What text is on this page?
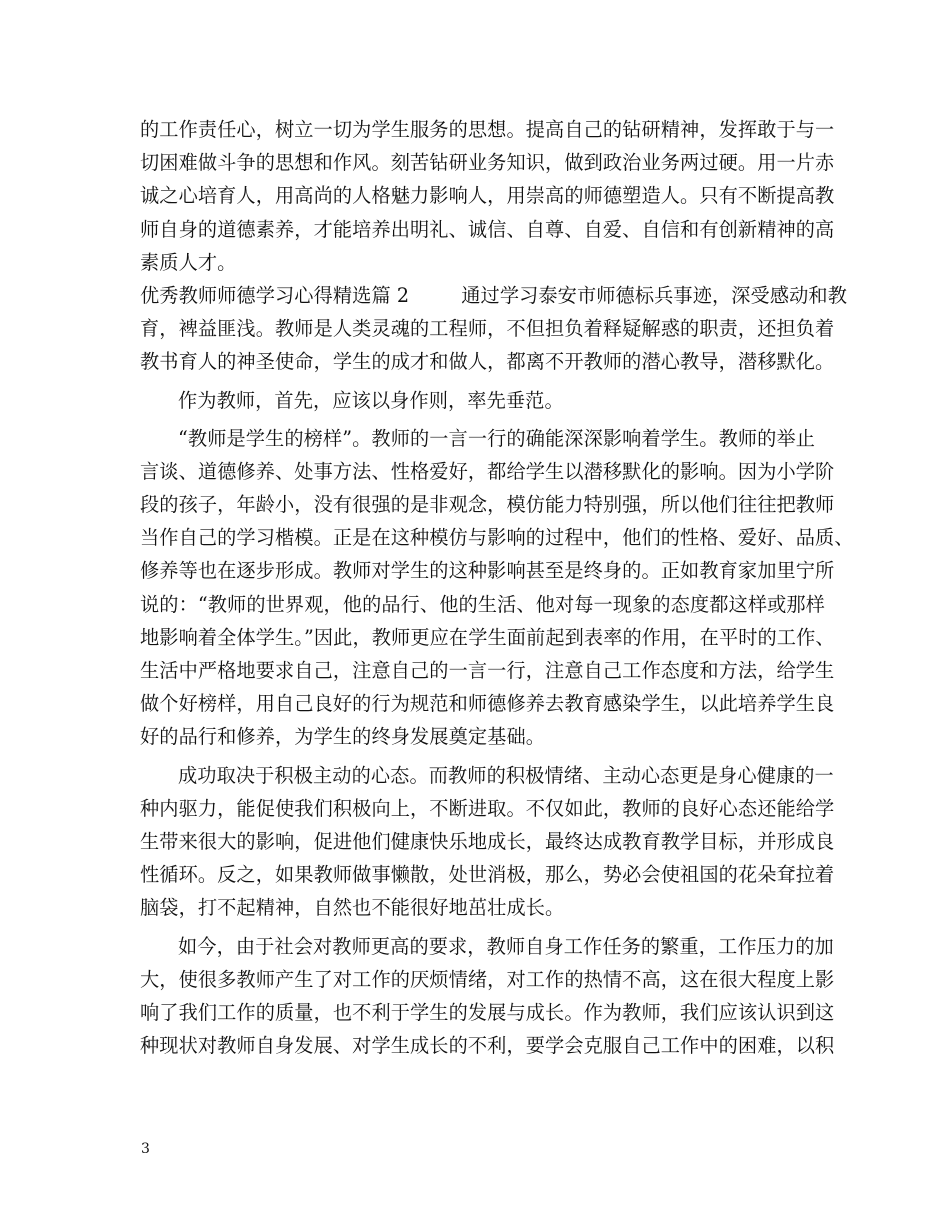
的工作责任心，树立一切为学生服务的思想。提高自己的钻研精神，发挥敢于与一
切困难做斗争的思想和作风。刻苦钻研业务知识，做到政治业务两过硬。用一片赤
诚之心培育人，用高尚的人格魅力影响人，用崇高的师德塑造人。只有不断提高教
师自身的道德素养，才能培养出明礼、诚信、自尊、自爱、自信和有创新精神的高
素质人才。
优秀教师师德学习心得精选篇 2	通过学习泰安市师德标兵事迹，深受感动和教
育，裨益匪浅。教师是人类灵魂的工程师，不但担负着释疑解惑的职责，还担负着
教书育人的神圣使命，学生的成才和做人，都离不开教师的潜心教导，潜移默化。
作为教师，首先，应该以身作则，率先垂范。
“教师是学生的榜样”。教师的一言一行的确能深深影响着学生。教师的举止
言谈、道德修养、处事方法、性格爱好，都给学生以潜移默化的影响。因为小学阶
段的孩子，年龄小，没有很强的是非观念，模仿能力特别强，所以他们往往把教师
当作自己的学习楷模。正是在这种模仿与影响的过程中，他们的性格、爱好、品质、
修养等也在逐步形成。教师对学生的这种影响甚至是终身的。正如教育家加里宁所
说的：“教师的世界观，他的品行、他的生活、他对每一现象的态度都这样或那样
地影响着全体学生。”因此，教师更应在学生面前起到表率的作用，在平时的工作、
生活中严格地要求自己，注意自己的一言一行，注意自己工作态度和方法，给学生
做个好榜样，用自己良好的行为规范和师德修养去教育感染学生，以此培养学生良
好的品行和修养，为学生的终身发展奠定基础。
成功取决于积极主动的心态。而教师的积极情绪、主动心态更是身心健康的一
种内驱力，能促使我们积极向上，不断进取。不仅如此，教师的良好心态还能给学
生带来很大的影响，促进他们健康快乐地成长，最终达成教育教学目标，并形成良
性循环。反之，如果教师做事懒散，处世消极，那么，势必会使祖国的花朵耷拉着
脑袋，打不起精神，自然也不能很好地茁壮成长。
如今，由于社会对教师更高的要求，教师自身工作任务的繁重，工作压力的加
大，使很多教师产生了对工作的厌烦情绪，对工作的热情不高，这在很大程度上影
响了我们工作的质量，也不利于学生的发展与成长。作为教师，我们应该认识到这
种现状对教师自身发展、对学生成长的不利，要学会克服自己工作中的困难，以积
3
